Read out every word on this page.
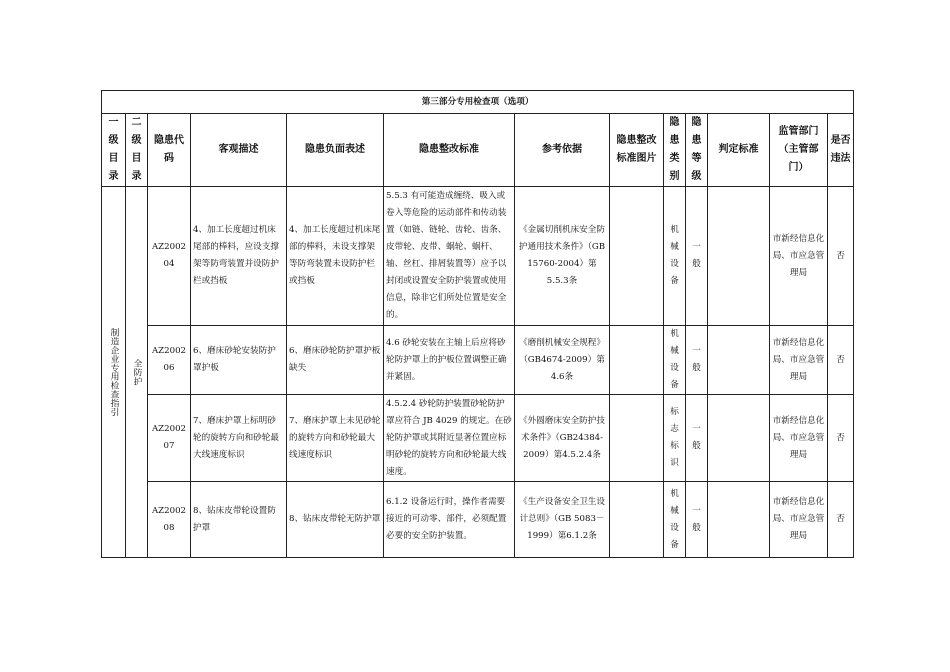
第三部分专用检查项（选项）												
一级目录	二级目录	隐患代码	客观描述	隐患负面表述	隐患整改标准	参考依据	隐患整改标准图片	隐患类别	隐患等级	判定标准	监管部门（主管部门）	是否违法

制造企业专用检查指引	全防护	AZ200204	4、加工长度超过机床尾部的棒料，应设支撑架等防弯装置并设防护栏或挡板	4、加工长度超过机床尾部的棒料，未设支撑架等防弯装置未设防护栏或挡板	5.5.3 有可能造成缠绕、吸入或卷入等危险的运动部件和传动装置（如链、链轮、齿轮、齿条、皮带轮、皮带、蜗轮、蜗杆、轴、丝杠、排屑装置等）应予以封闭或设置安全防护装置或使用信息，除非它们所处位置是安全的。	《金属切削机床安全防护通用技术条件》（GB 15760-2004）第5.5.3条		机械设备	一般		市新经信息化局、市应急管理局	否
		AZ200206	6、磨床砂轮安装防护罩护板	6、磨床砂轮防护罩护板缺失	4.6 砂轮安装在主轴上后应将砂轮防护罩上的护板位置调整正确并紧固。	《磨削机械安全规程》（GB4674-2009）第4.6条		机械设备	一般		市新经信息化局、市应急管理局	否
		AZ200207	7、磨床护罩上标明砂轮的旋转方向和砂轮最大线速度标识	7、磨床护罩上未见砂轮的旋转方向和砂轮最大线速度标识	4.5.2.4 砂轮防护装置砂轮防护罩应符合 JB 4029 的规定。在砂轮防护罩或其附近显著位置应标明砂轮的旋转方向和砂轮最大线速度。	《外圆磨床安全防护技术条件》（GB24384-2009）第4.5.2.4条		标志标识	一般		市新经信息化局、市应急管理局	否
		AZ200208	8、钻床皮带轮设置防护罩	8、钻床皮带轮无防护罩	6.1.2 设备运行时，操作者需要接近的可动零、部件，必须配置必要的安全防护装置。	《生产设备安全卫生设计总则》（GB 5083－1999）第6.1.2条		机械设备	一般		市新经信息化局、市应急管理局	否
